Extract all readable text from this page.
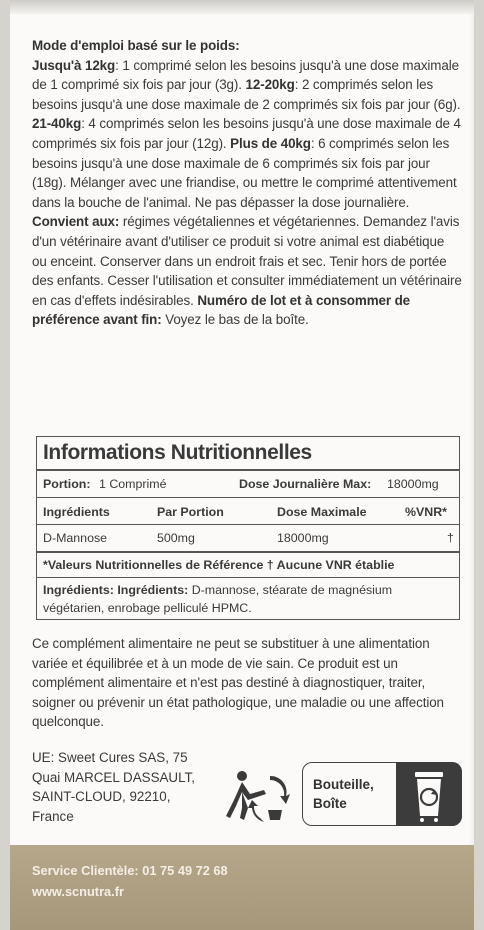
Mode d'emploi basé sur le poids:
Jusqu'à 12kg: 1 comprimé selon les besoins jusqu'à une dose maximale de 1 comprimé six fois par jour (3g). 12-20kg: 2 comprimés selon les besoins jusqu'à une dose maximale de 2 comprimés six fois par jour (6g). 21-40kg: 4 comprimés selon les besoins jusqu'à une dose maximale de 4 comprimés six fois par jour (12g). Plus de 40kg: 6 comprimés selon les besoins jusqu'à une dose maximale de 6 comprimés six fois par jour (18g). Mélanger avec une friandise, ou mettre le comprimé attentivement dans la bouche de l'animal. Ne pas dépasser la dose journalière.
Convient aux: régimes végétaliennes et végétariennes. Demandez l'avis d'un vétérinaire avant d'utiliser ce produit si votre animal est diabétique ou enceint. Conserver dans un endroit frais et sec. Tenir hors de portée des enfants. Cesser l'utilisation et consulter immédiatement un vétérinaire en cas d'effets indésirables. Numéro de lot et à consommer de préférence avant fin: Voyez le bas de la boîte.
Informations Nutritionnelles
Portion: 1 Comprimé	Dose Journalière Max: 18000mg
Ingrédients	Par Portion	Dose Maximale	%VNR*
D-Mannose	500mg	18000mg	†
*Valeurs Nutritionnelles de Référence † Aucune VNR établie
Ingrédients: Ingrédients: D-mannose, stéarate de magnésium végétarien, enrobage pelliculé HPMC.
Ce complément alimentaire ne peut se substituer à une alimentation variée et équilibrée et à un mode de vie sain. Ce produit est un complément alimentaire et n'est pas destiné à diagnostiquer, traiter, soigner ou prévenir un état pathologique, une maladie ou une affection quelconque.
UE: Sweet Cures SAS, 75
Quai MARCEL DASSAULT,
SAINT-CLOUD, 92210,
France
Bouteille,
Boîte
Service Clientèle: 01 75 49 72 68
www.scnutra.fr
